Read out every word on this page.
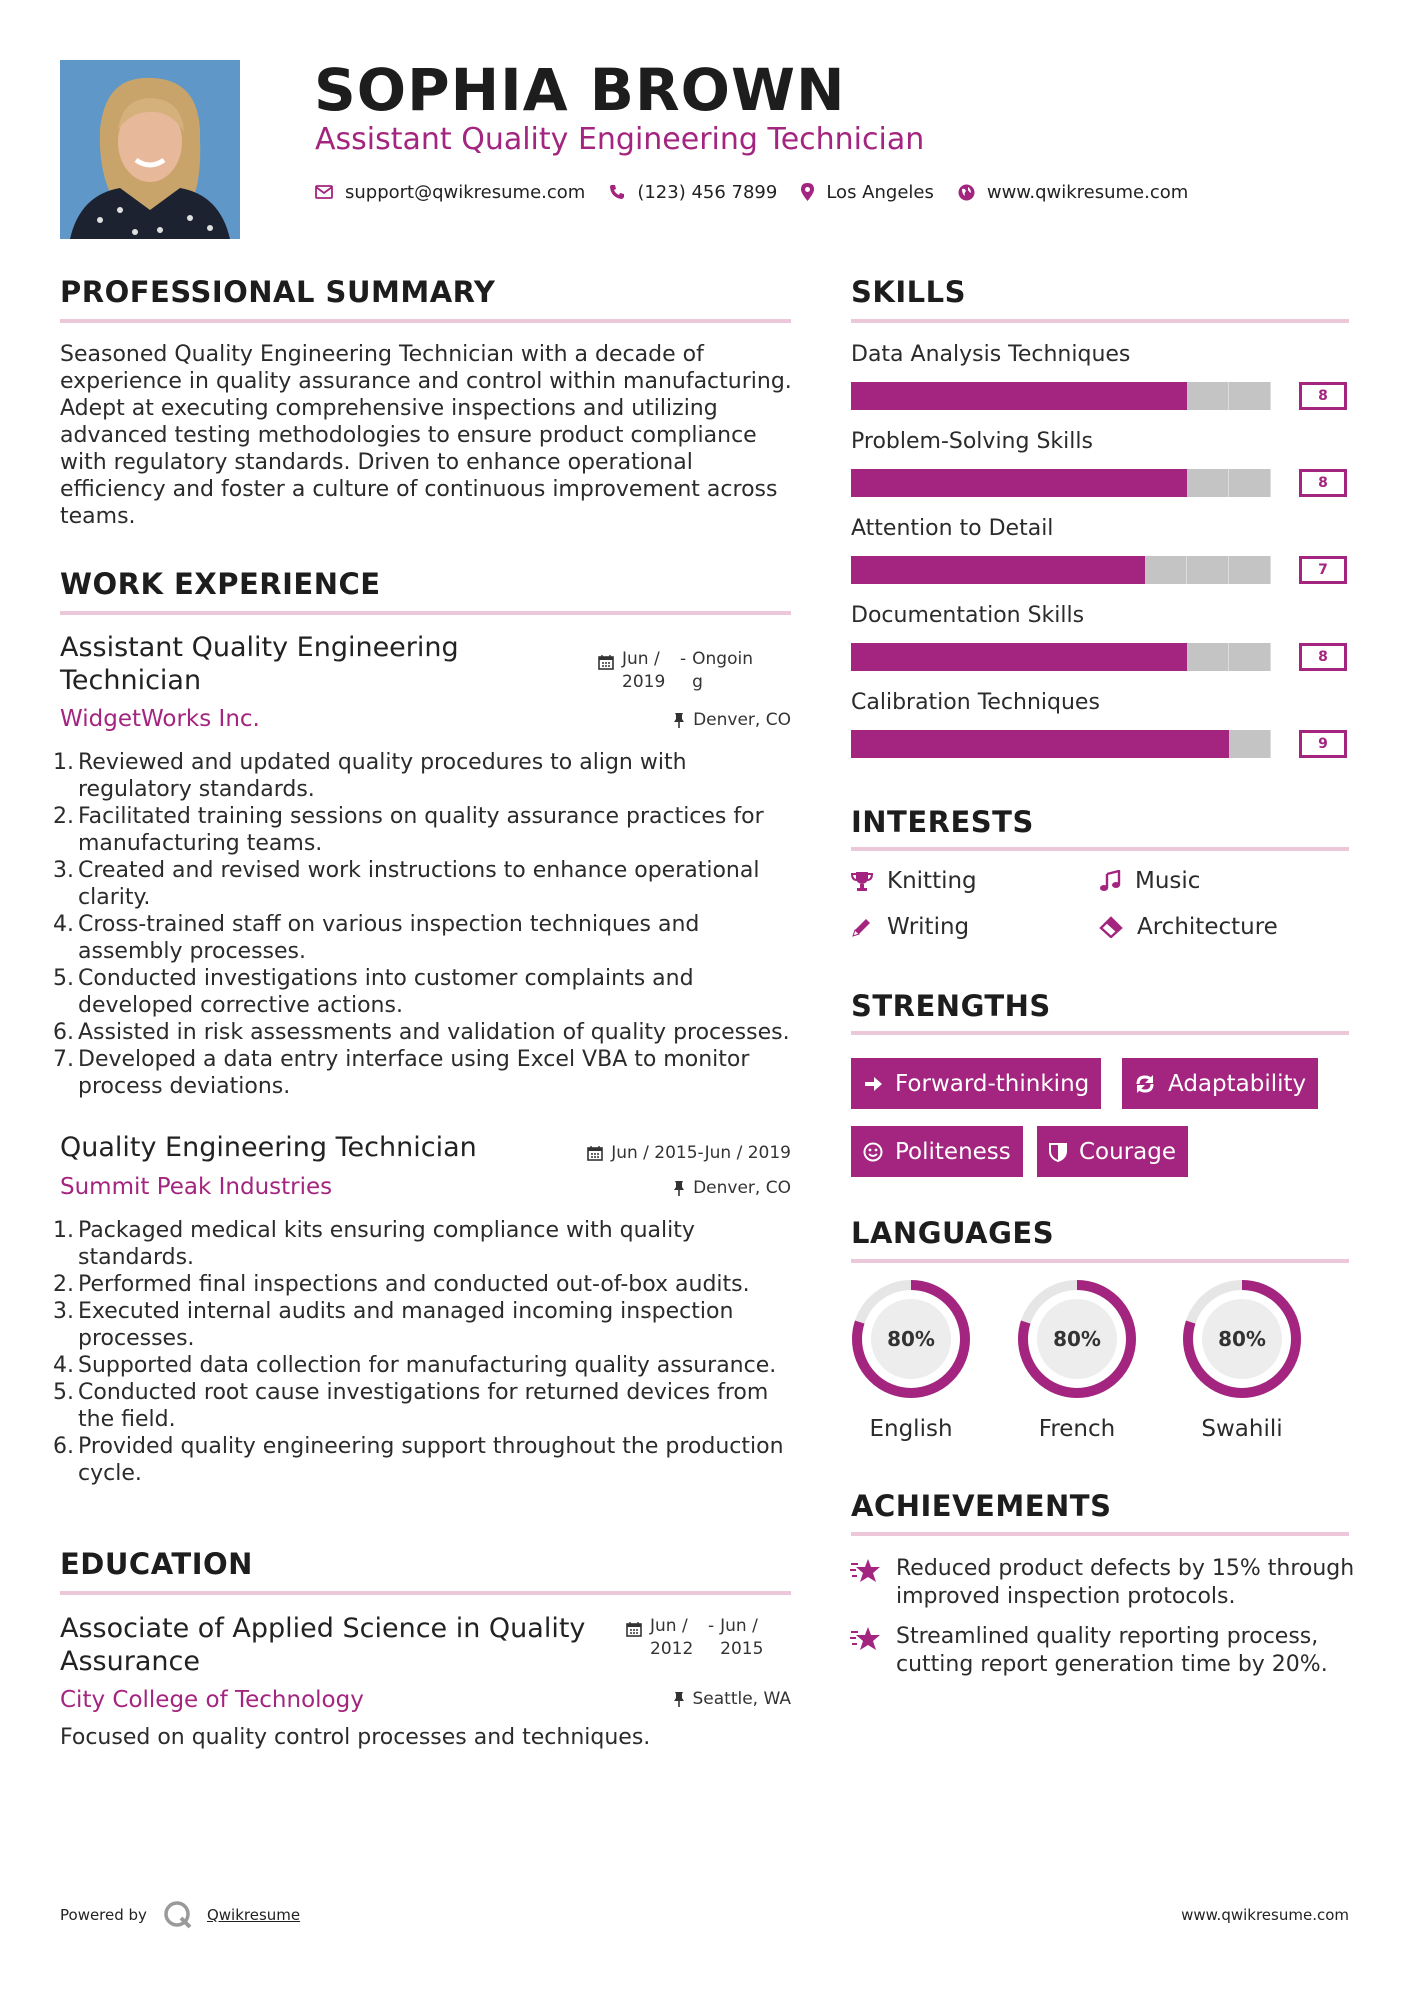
SOPHIA BROWN
Assistant Quality Engineering Technician
support@qwikresume.com	(123) 456 7899	Los Angeles	www.qwikresume.com
PROFESSIONAL SUMMARY
Seasoned Quality Engineering Technician with a decade of experience in quality assurance and control within manufacturing. Adept at executing comprehensive inspections and utilizing advanced testing methodologies to ensure product compliance with regulatory standards. Driven to enhance operational efficiency and foster a culture of continuous improvement across teams.
WORK EXPERIENCE
Assistant Quality Engineering Technician
Jun / 2019
- Ongoing
WidgetWorks Inc.	Denver, CO
1. Reviewed and updated quality procedures to align with regulatory standards.
2. Facilitated training sessions on quality assurance practices for manufacturing teams.
3. Created and revised work instructions to enhance operational clarity.
4. Cross-trained staff on various inspection techniques and assembly processes.
5. Conducted investigations into customer complaints and developed corrective actions.
6. Assisted in risk assessments and validation of quality processes.
7. Developed a data entry interface using Excel VBA to monitor process deviations.
Quality Engineering Technician	Jun / 2015-Jun / 2019
Summit Peak Industries	Denver, CO
1. Packaged medical kits ensuring compliance with quality standards.
2. Performed final inspections and conducted out-of-box audits.
3. Executed internal audits and managed incoming inspection processes.
4. Supported data collection for manufacturing quality assurance.
5. Conducted root cause investigations for returned devices from the field.
6. Provided quality engineering support throughout the production cycle.
EDUCATION
Associate of Applied Science in Quality Assurance
Jun / 2012
- Jun / 2015
City College of Technology	Seattle, WA
Focused on quality control processes and techniques.
SKILLS
Data Analysis Techniques
8
Problem-Solving Skills
8
Attention to Detail
7
Documentation Skills
8
Calibration Techniques
9
INTERESTS
Knitting	Music
Writing	Architecture
STRENGTHS
Forward-thinking	Adaptability
Politeness	Courage
LANGUAGES
80%
English
80%
French
80%
Swahili
ACHIEVEMENTS
Reduced product defects by 15% through improved inspection protocols.
Streamlined quality reporting process, cutting report generation time by 20%.
Powered by	Qwikresume	www.qwikresume.com
